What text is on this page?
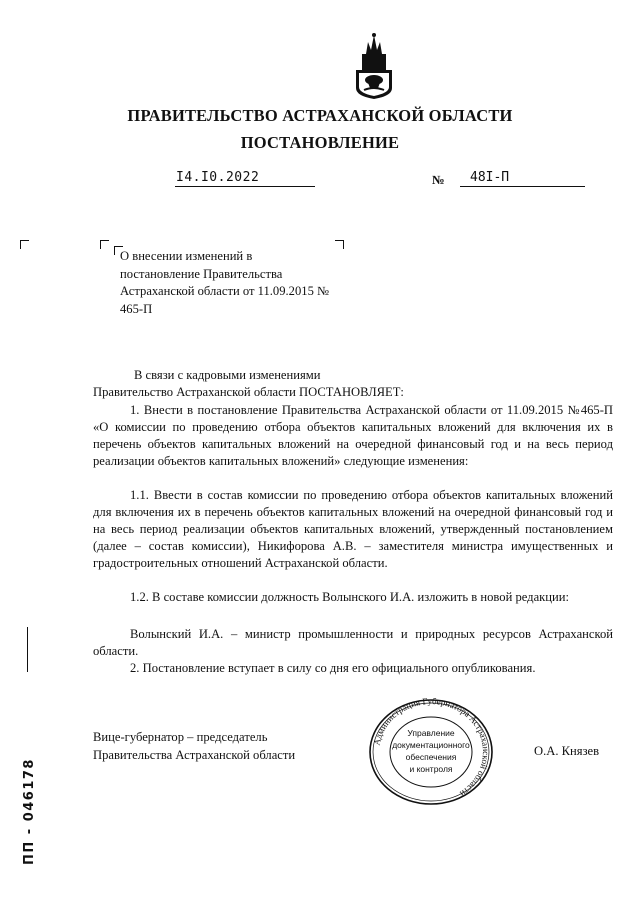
ПРАВИТЕЛЬСТВО АСТРАХАНСКОЙ ОБЛАСТИ
ПОСТАНОВЛЕНИЕ
I4.I0.2022	№ 48I-П
О внесении изменений в постановление Правительства Астраханской области от 11.09.2015 № 465-П
В связи с кадровыми изменениями
Правительство Астраханской области ПОСТАНОВЛЯЕТ:
1. Внести в постановление Правительства Астраханской области от 11.09.2015 №465-П «О комиссии по проведению отбора объектов капитальных вложений для включения их в перечень объектов капитальных вложений на очередной финансовый год и на весь период реализации объектов капитальных вложений» следующие изменения:
1.1. Ввести в состав комиссии по проведению отбора объектов капитальных вложений для включения их в перечень объектов капитальных вложений на очередной финансовый год и на весь период реализации объектов капитальных вложений, утвержденный постановлением (далее – состав комиссии), Никифорова А.В. – заместителя министра имущественных и градостроительных отношений Астраханской области.
1.2. В составе комиссии должность Волынского И.А. изложить в новой редакции:
Волынский И.А. – министр промышленности и природных ресурсов Астраханской области.
2. Постановление вступает в силу со дня его официального опубликования.
Вице-губернатор – председатель
Правительства Астраханской области	О.А. Князев
Администрация Губернатора Астраханской области
Управление
документационного
обеспечения
и контроля
ПП - 046178
